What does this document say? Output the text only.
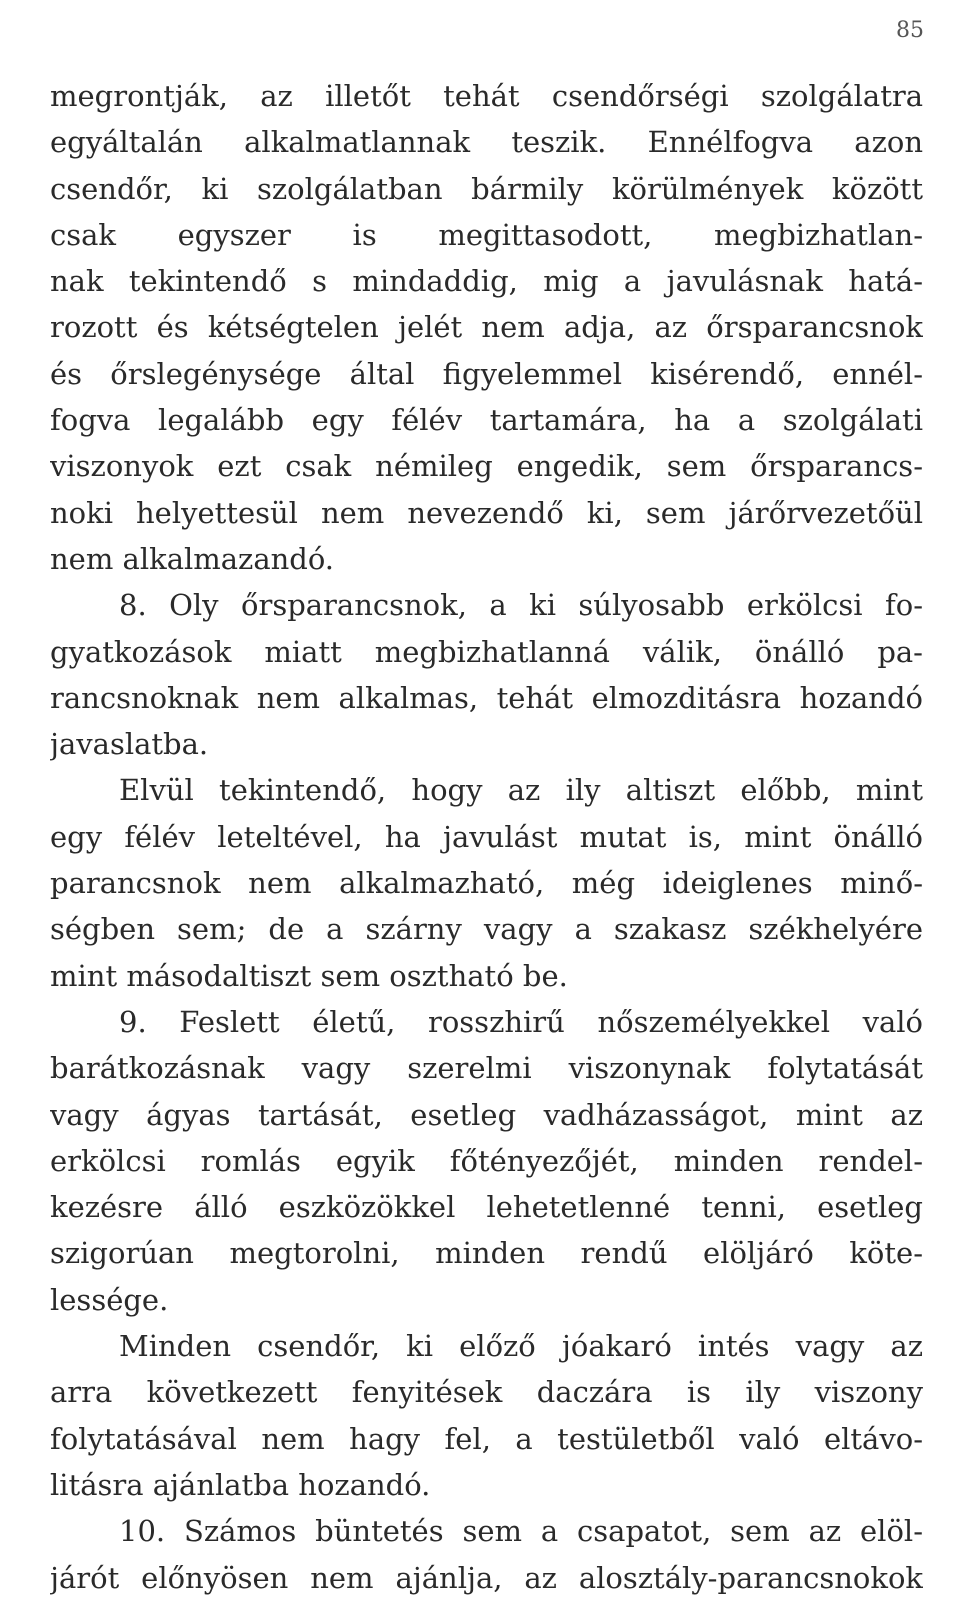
85
megrontják, az illetőt tehát csendőrségi szolgálatra
egyáltalán alkalmatlannak teszik. Ennélfogva azon
csendőr, ki szolgálatban bármily körülmények között
csak egyszer is megittasodott, megbizhatlan-
nak tekintendő s mindaddig, mig a javulásnak hatá-
rozott és kétségtelen jelét nem adja, az őrsparancsnok
és őrslegénysége által figyelemmel kisérendő, ennél-
fogva legalább egy félév tartamára, ha a szolgálati
viszonyok ezt csak némileg engedik, sem őrsparancs-
noki helyettesül nem nevezendő ki, sem járőrvezetőül
nem alkalmazandó.
8. Oly őrsparancsnok, a ki súlyosabb erkölcsi fo-
gyatkozások miatt megbizhatlanná válik, önálló pa-
rancsnoknak nem alkalmas, tehát elmozditásra hozandó
javaslatba.
Elvül tekintendő, hogy az ily altiszt előbb, mint
egy félév leteltével, ha javulást mutat is, mint önálló
parancsnok nem alkalmazható, még ideiglenes minő-
ségben sem; de a szárny vagy a szakasz székhelyére
mint másodaltiszt sem osztható be.
9. Feslett életű, rosszhirű nőszemélyekkel való
barátkozásnak vagy szerelmi viszonynak folytatását
vagy ágyas tartását, esetleg vadházasságot, mint az
erkölcsi romlás egyik főtényezőjét, minden rendel-
kezésre álló eszközökkel lehetetlenné tenni, esetleg
szigorúan megtorolni, minden rendű elöljáró köte-
lessége.
Minden csendőr, ki előző jóakaró intés vagy az
arra következett fenyitések daczára is ily viszony
folytatásával nem hagy fel, a testületből való eltávo-
litásra ajánlatba hozandó.
10. Számos büntetés sem a csapatot, sem az elöl-
járót előnyösen nem ajánlja, az alosztály-parancsnokok
